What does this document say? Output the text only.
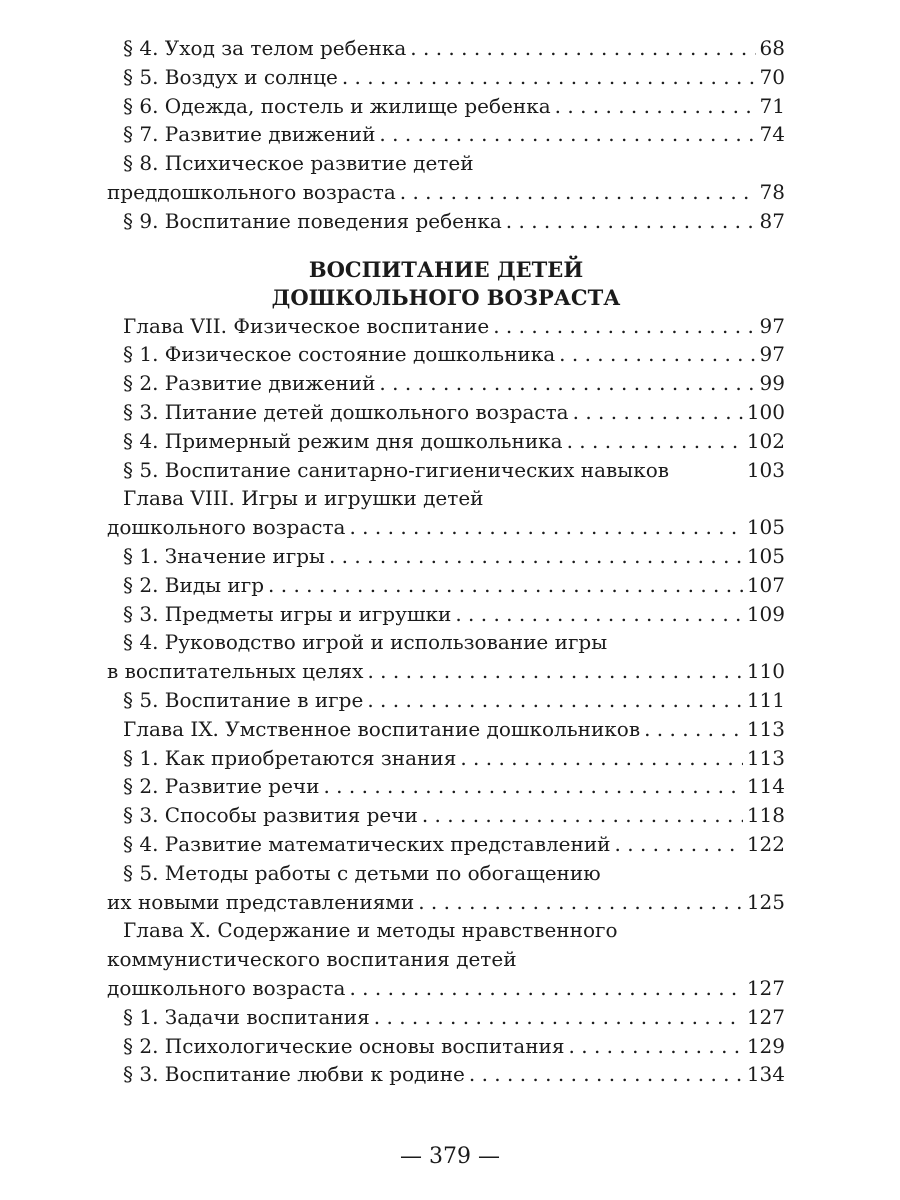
§ 4. Уход за телом ребенка . . .	68
§ 5. Воздух и солнце . . .	70
§ 6. Одежда, постель и жилище ребенка . . .	71
§ 7. Развитие движений . . .	74
§ 8. Психическое развитие детей
преддошкольного возраста . . .	78
§ 9. Воспитание поведения ребенка . . .	87
ВОСПИТАНИЕ ДЕТЕЙ
ДОШКОЛЬНОГО ВОЗРАСТА
Глава VII. Физическое воспитание . . .	97
§ 1. Физическое состояние дошкольника . . .	97
§ 2. Развитие движений . . .	99
§ 3. Питание детей дошкольного возраста . . .	100
§ 4. Примерный режим дня дошкольника . . .	102
§ 5. Воспитание санитарно-гигиенических навыков	103
Глава VIII. Игры и игрушки детей
дошкольного возраста . . .	105
§ 1. Значение игры . . .	105
§ 2. Виды игр . . .	107
§ 3. Предметы игры и игрушки . . .	109
§ 4. Руководство игрой и использование игры
в воспитательных целях . . .	110
§ 5. Воспитание в игре . . .	111
Глава IX. Умственное воспитание дошкольников . . .	113
§ 1. Как приобретаются знания . . .	113
§ 2. Развитие речи . . .	114
§ 3. Способы развития речи . . .	118
§ 4. Развитие математических представлений . . .	122
§ 5. Методы работы с детьми по обогащению
их новыми представлениями . . .	125
Глава X. Содержание и методы нравственного
коммунистического воспитания детей
дошкольного возраста . . .	127
§ 1. Задачи воспитания . . .	127
§ 2. Психологические основы воспитания . . .	129
§ 3. Воспитание любви к родине . . .	134
— 379 —
